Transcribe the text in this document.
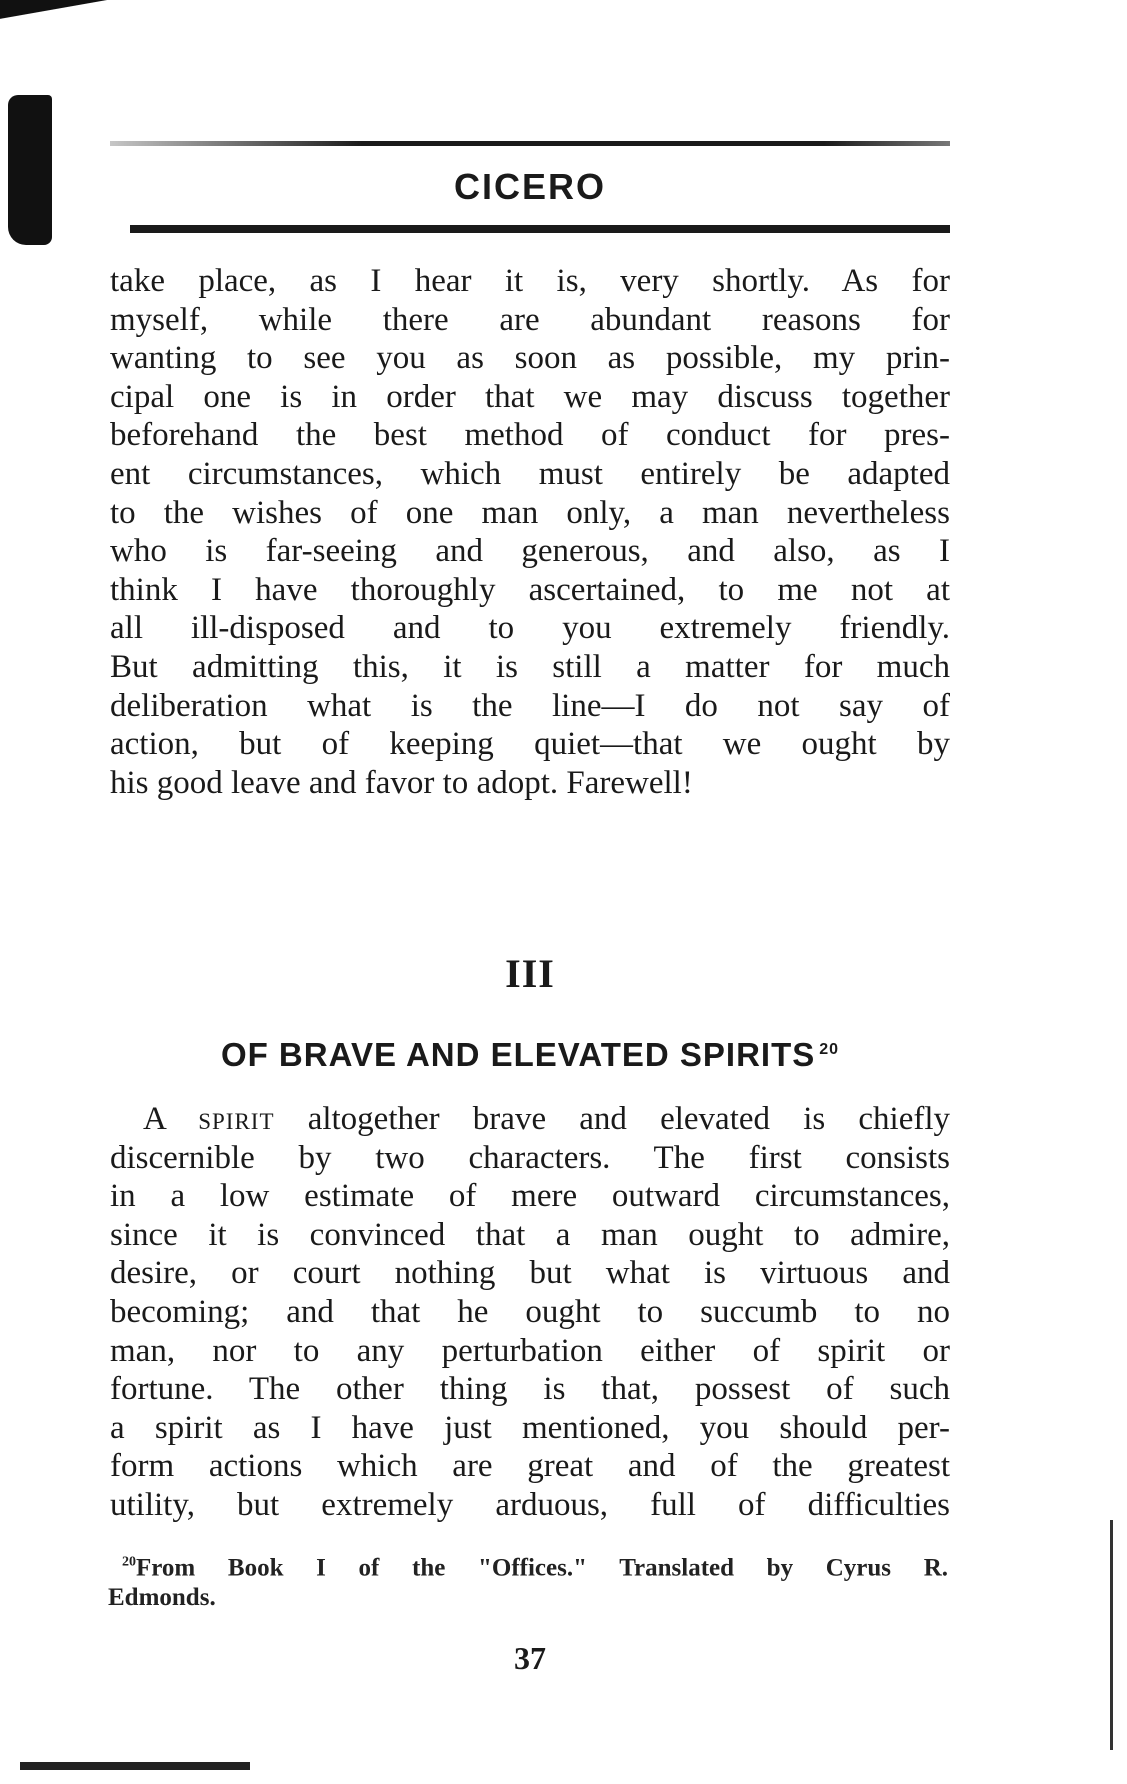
CICERO
take place, as I hear it is, very shortly. As for
myself, while there are abundant reasons for
wanting to see you as soon as possible, my prin-
cipal one is in order that we may discuss together
beforehand the best method of conduct for pres-
ent circumstances, which must entirely be adapted
to the wishes of one man only, a man nevertheless
who is far-seeing and generous, and also, as I
think I have thoroughly ascertained, to me not at
all ill-disposed and to you extremely friendly.
But admitting this, it is still a matter for much
deliberation what is the line—I do not say of
action, but of keeping quiet—that we ought by
his good leave and favor to adopt. Farewell!
III
OF BRAVE AND ELEVATED SPIRITS $^{20}$
A spirit altogether brave and elevated is chiefly
discernible by two characters. The first consists
in a low estimate of mere outward circumstances,
since it is convinced that a man ought to admire,
desire, or court nothing but what is virtuous and
becoming; and that he ought to succumb to no
man, nor to any perturbation either of spirit or
fortune. The other thing is that, possest of such
a spirit as I have just mentioned, you should per-
form actions which are great and of the greatest
utility, but extremely arduous, full of difficulties
$^{20}$From Book I of the "Offices." Translated by Cyrus R.
Edmonds.
37
